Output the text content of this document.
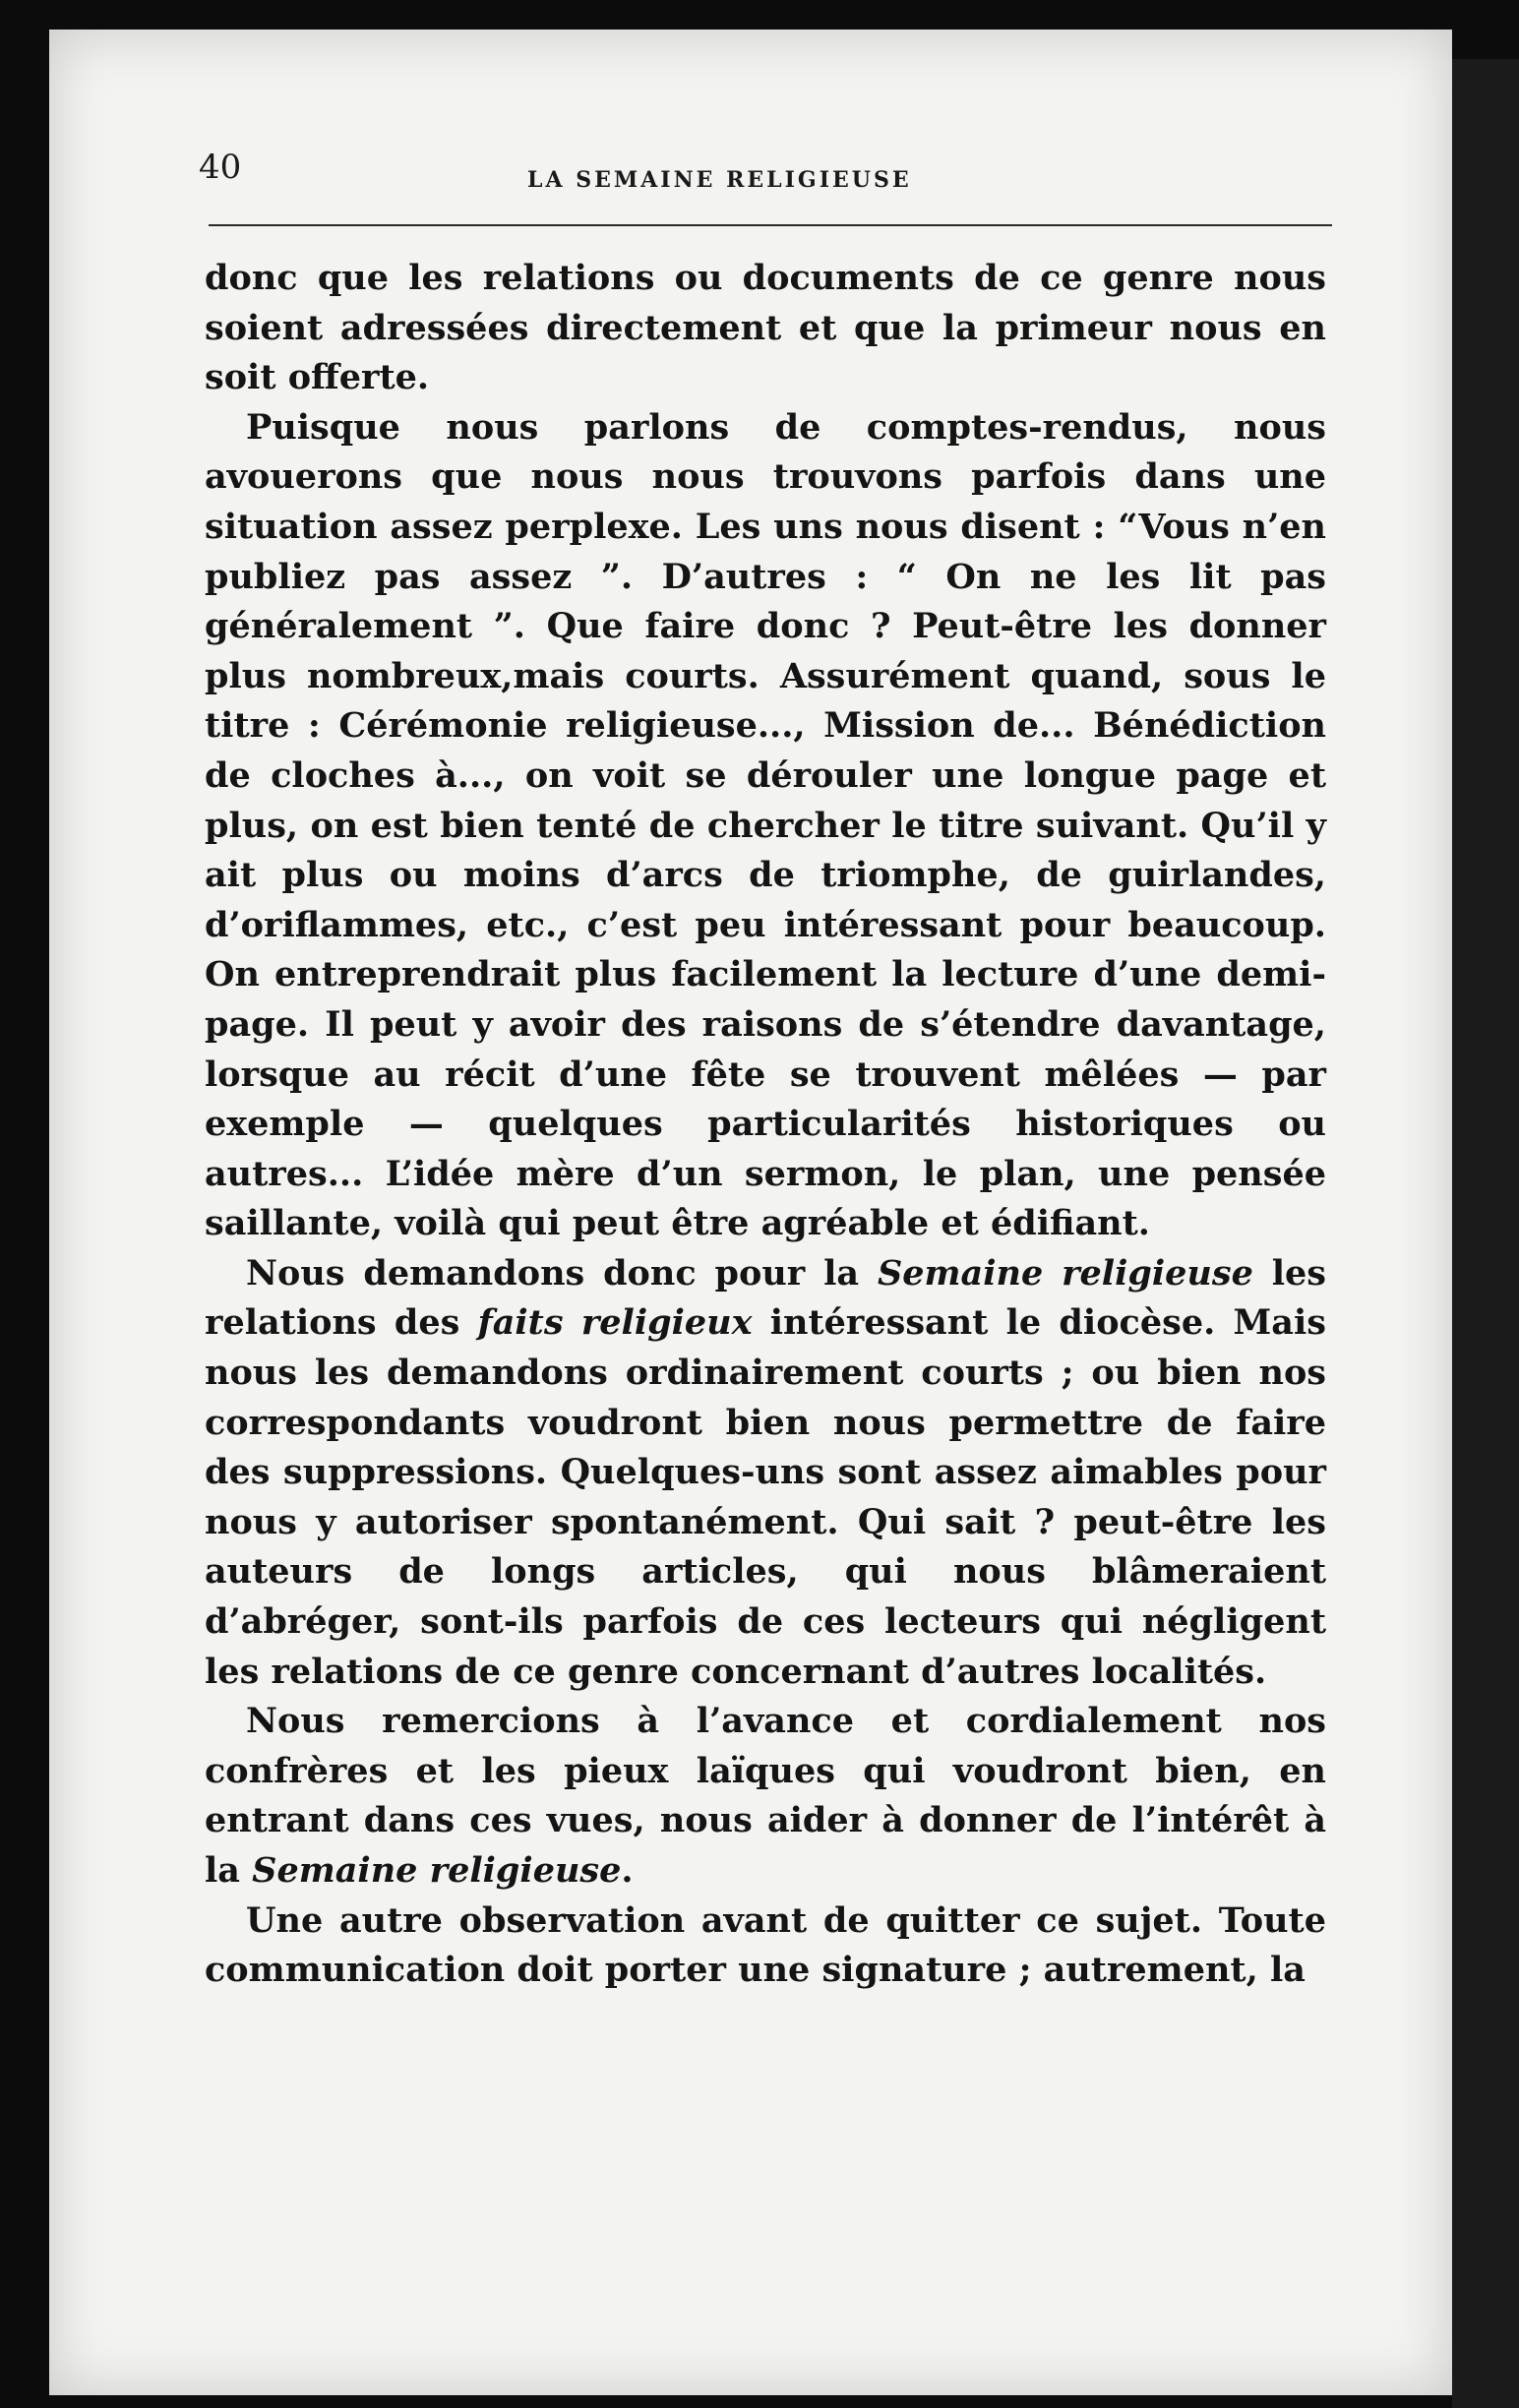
40	LA SEMAINE RELIGIEUSE

donc que les relations ou documents de ce genre nous soient adressées directement et que la primeur nous en soit offerte.

Puisque nous parlons de comptes-rendus, nous avouerons que nous nous trouvons parfois dans une situation assez perplexe. Les uns nous disent : “Vous n’en publiez pas assez ”. D’autres : “ On ne les lit pas généralement ”. Que faire donc ? Peut-être les donner plus nombreux,mais courts. Assurément quand, sous le titre : Cérémonie religieuse..., Mission de... Bénédiction de cloches à..., on voit se dérouler une longue page et plus, on est bien tenté de chercher le titre suivant. Qu’il y ait plus ou moins d’arcs de triomphe, de guirlandes, d’oriflammes, etc., c’est peu intéressant pour beaucoup. On entreprendrait plus facilement la lecture d’une demi-page. Il peut y avoir des raisons de s’étendre davantage, lorsque au récit d’une fête se trouvent mêlées — par exemple — quelques particularités historiques ou autres... L’idée mère d’un sermon, le plan, une pensée saillante, voilà qui peut être agréable et édifiant.

Nous demandons donc pour la Semaine religieuse les relations des faits religieux intéressant le diocèse. Mais nous les demandons ordinairement courts ; ou bien nos correspondants voudront bien nous permettre de faire des suppressions. Quelques-uns sont assez aimables pour nous y autoriser spontanément. Qui sait ? peut-être les auteurs de longs articles, qui nous blâmeraient d’abréger, sont-ils parfois de ces lecteurs qui négligent les relations de ce genre concernant d’autres localités.

Nous remercions à l’avance et cordialement nos confrères et les pieux laïques qui voudront bien, en entrant dans ces vues, nous aider à donner de l’intérêt à la Semaine religieuse.

Une autre observation avant de quitter ce sujet. Toute communication doit porter une signature ; autrement, la
